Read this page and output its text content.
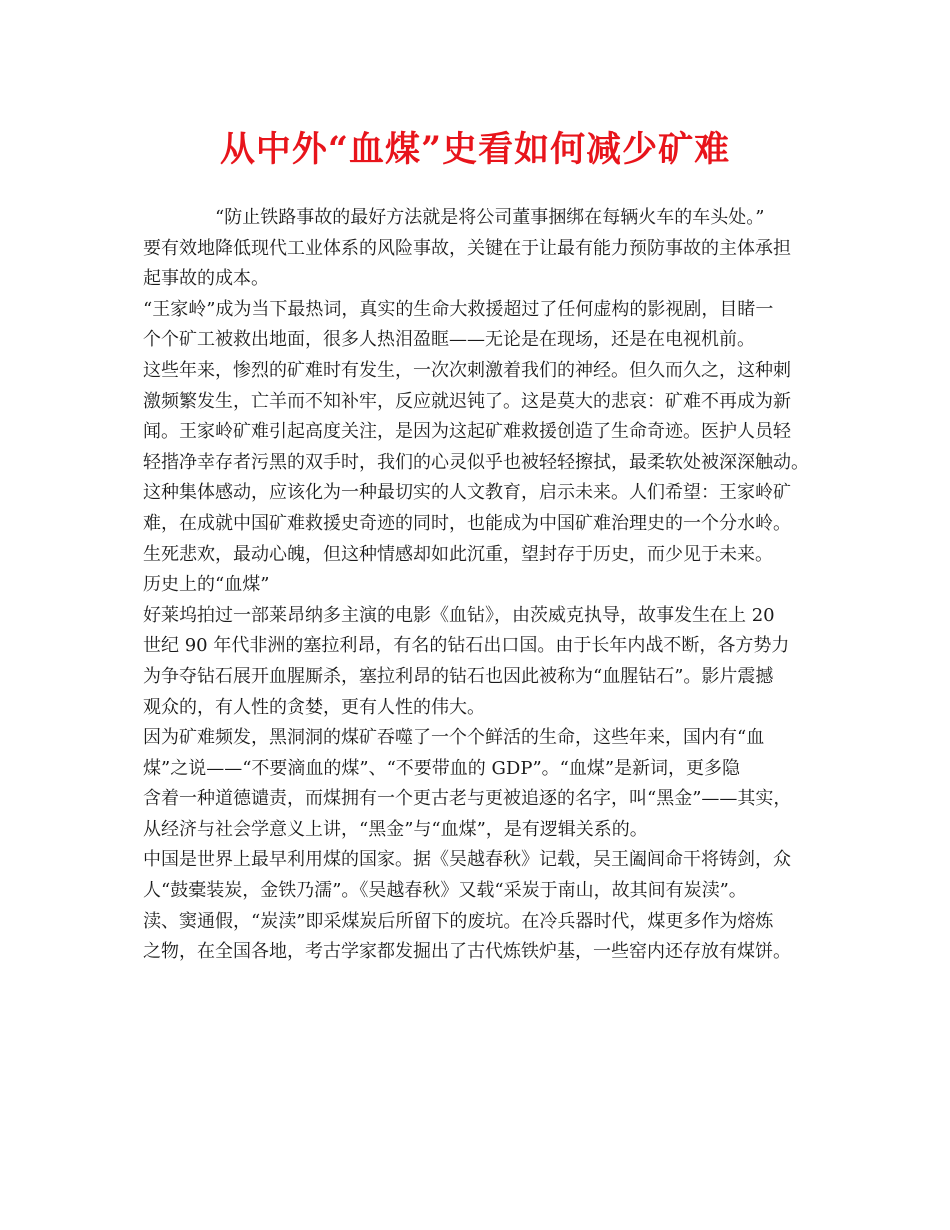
从中外“血煤”史看如何减少矿难
“防止铁路事故的最好方法就是将公司董事捆绑在每辆火车的车头处。”
要有效地降低现代工业体系的风险事故，关键在于让最有能力预防事故的主体承担
起事故的成本。
“王家岭”成为当下最热词，真实的生命大救援超过了任何虚构的影视剧，目睹一
个个矿工被救出地面，很多人热泪盈眶——无论是在现场，还是在电视机前。
这些年来，惨烈的矿难时有发生，一次次刺激着我们的神经。但久而久之，这种刺
激频繁发生，亡羊而不知补牢，反应就迟钝了。这是莫大的悲哀：矿难不再成为新
闻。王家岭矿难引起高度关注，是因为这起矿难救援创造了生命奇迹。医护人员轻
轻揩净幸存者污黑的双手时，我们的心灵似乎也被轻轻擦拭，最柔软处被深深触动。
这种集体感动，应该化为一种最切实的人文教育，启示未来。人们希望：王家岭矿
难，在成就中国矿难救援史奇迹的同时，也能成为中国矿难治理史的一个分水岭。
生死悲欢，最动心魄，但这种情感却如此沉重，望封存于历史，而少见于未来。
历史上的“血煤”
好莱坞拍过一部莱昂纳多主演的电影《血钻》，由茨威克执导，故事发生在上 20
世纪 90 年代非洲的塞拉利昂，有名的钻石出口国。由于长年内战不断，各方势力
为争夺钻石展开血腥厮杀，塞拉利昂的钻石也因此被称为“血腥钻石”。影片震撼
观众的，有人性的贪婪，更有人性的伟大。
因为矿难频发，黑洞洞的煤矿吞噬了一个个鲜活的生命，这些年来，国内有“血
煤”之说——“不要滴血的煤”、“不要带血的 GDP”。“血煤”是新词，更多隐
含着一种道德谴责，而煤拥有一个更古老与更被追逐的名字，叫“黑金”——其实，
从经济与社会学意义上讲，“黑金”与“血煤”，是有逻辑关系的。
中国是世界上最早利用煤的国家。据《吴越春秋》记载，吴王阖闾命干将铸剑，众
人“鼓橐装炭，金铁乃濡”。《吴越春秋》又载“采炭于南山，故其间有炭渎”。
渎、窦通假，“炭渎”即采煤炭后所留下的废坑。在冷兵器时代，煤更多作为熔炼
之物，在全国各地，考古学家都发掘出了古代炼铁炉基，一些窑内还存放有煤饼。
